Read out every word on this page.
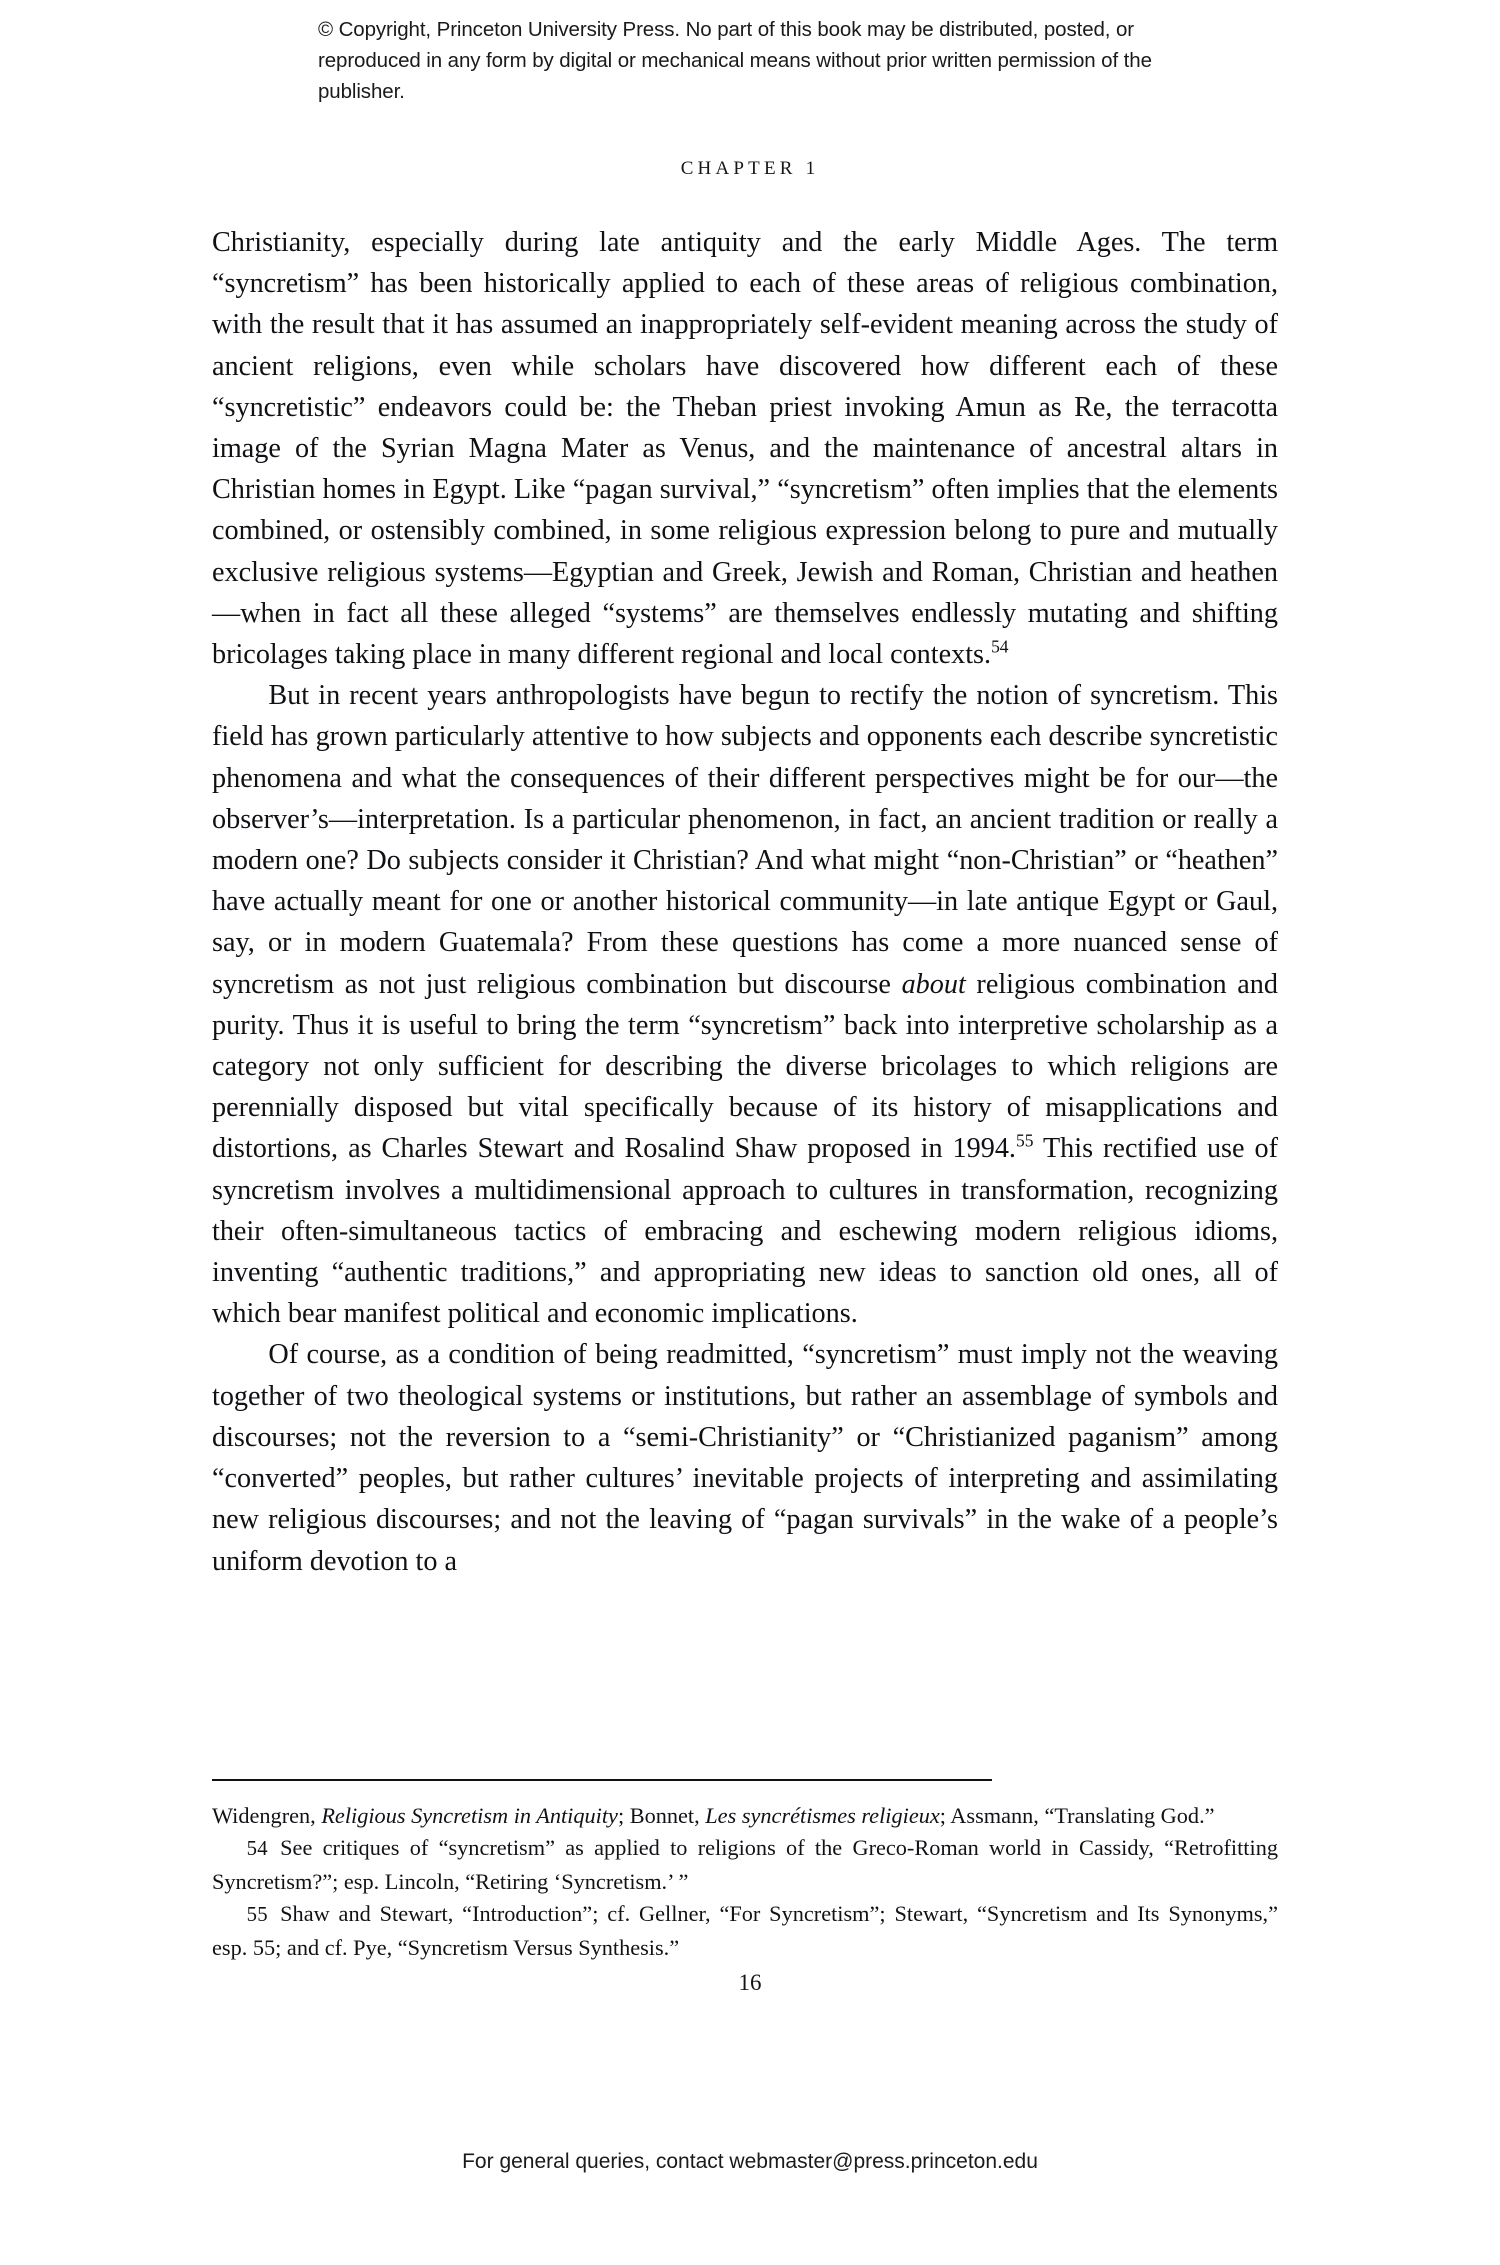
© Copyright, Princeton University Press. No part of this book may be distributed, posted, or reproduced in any form by digital or mechanical means without prior written permission of the publisher.
CHAPTER 1

Christianity, especially during late antiquity and the early Middle Ages. The term “syncretism” has been historically applied to each of these areas of religious combination, with the result that it has assumed an inappropriately self-evident meaning across the study of ancient religions, even while scholars have discovered how different each of these “syncretistic” endeavors could be: the Theban priest invoking Amun as Re, the terracotta image of the Syrian Magna Mater as Venus, and the maintenance of ancestral altars in Christian homes in Egypt. Like “pagan survival,” “syncretism” often implies that the elements combined, or ostensibly combined, in some religious expression belong to pure and mutually exclusive religious systems—Egyptian and Greek, Jewish and Roman, Christian and heathen—when in fact all these alleged “systems” are themselves endlessly mutating and shifting bricolages taking place in many different regional and local contexts.$^{54}$

But in recent years anthropologists have begun to rectify the notion of syncretism. This field has grown particularly attentive to how subjects and opponents each describe syncretistic phenomena and what the consequences of their different perspectives might be for our—the observer’s—interpretation. Is a particular phenomenon, in fact, an ancient tradition or really a modern one? Do subjects consider it Christian? And what might “non-Christian” or “heathen” have actually meant for one or another historical community—in late antique Egypt or Gaul, say, or in modern Guatemala? From these questions has come a more nuanced sense of syncretism as not just religious combination but discourse about religious combination and purity. Thus it is useful to bring the term “syncretism” back into interpretive scholarship as a category not only sufficient for describing the diverse bricolages to which religions are perennially disposed but vital specifically because of its history of misapplications and distortions, as Charles Stewart and Rosalind Shaw proposed in 1994.55 This rectified use of syncretism involves a multidimensional approach to cultures in transformation, recognizing their often-simultaneous tactics of embracing and eschewing modern religious idioms, inventing “authentic traditions,” and appropriating new ideas to sanction old ones, all of which bear manifest political and economic implications.

Of course, as a condition of being readmitted, “syncretism” must imply not the weaving together of two theological systems or institutions, but rather an assemblage of symbols and discourses; not the reversion to a “semi-Christianity” or “Christianized paganism” among “converted” peoples, but rather cultures’ inevitable projects of interpreting and assimilating new religious discourses; and not the leaving of “pagan survivals” in the wake of a people’s uniform devotion to a

Widengren, Religious Syncretism in Antiquity; Bonnet, Les syncrétismes religieux; Assmann, “Translating God.”

54 See critiques of “syncretism” as applied to religions of the Greco-Roman world in Cassidy, “Retrofitting Syncretism?”; esp. Lincoln, “Retiring ‘Syncretism.’ ”

55 Shaw and Stewart, “Introduction”; cf. Gellner, “For Syncretism”; Stewart, “Syncretism and Its Synonyms,” esp. 55; and cf. Pye, “Syncretism Versus Synthesis.”

16
For general queries, contact webmaster@press.princeton.edu
